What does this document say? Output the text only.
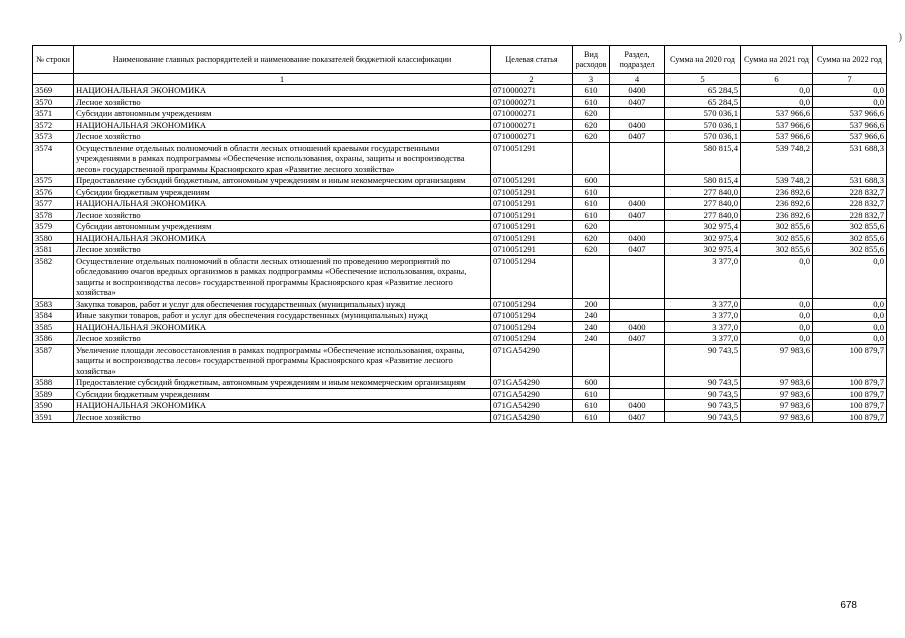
№ строки	Наименование главных распорядителей и наименование показателей бюджетной классификации	Целевая статья	Вид расходов	Раздел, подраздел	Сумма на 2020 год	Сумма на 2021 год	Сумма на 2022 год
	1	2	3	4	5	6	7
3569	НАЦИОНАЛЬНАЯ ЭКОНОМИКА	0710000271	610	0400	65 284,5	0,0	0,0
3570	Лесное хозяйство	0710000271	610	0407	65 284,5	0,0	0,0
3571	Субсидии автономным учреждениям	0710000271	620		570 036,1	537 966,6	537 966,6
3572	НАЦИОНАЛЬНАЯ ЭКОНОМИКА	0710000271	620	0400	570 036,1	537 966,6	537 966,6
3573	Лесное хозяйство	0710000271	620	0407	570 036,1	537 966,6	537 966,6
3574	Осуществление отдельных полномочий в области лесных отношений краевыми государственными учреждениями в рамках подпрограммы «Обеспечение использования, охраны, защиты и воспроизводства лесов» государственной программы Красноярского края «Развитие лесного хозяйства»	0710051291			580 815,4	539 748,2	531 688,3
3575	Предоставление субсидий бюджетным, автономным учреждениям и иным некоммерческим организациям	0710051291	600		580 815,4	539 748,2	531 688,3
3576	Субсидии бюджетным учреждениям	0710051291	610		277 840,0	236 892,6	228 832,7
3577	НАЦИОНАЛЬНАЯ ЭКОНОМИКА	0710051291	610	0400	277 840,0	236 892,6	228 832,7
3578	Лесное хозяйство	0710051291	610	0407	277 840,0	236 892,6	228 832,7
3579	Субсидии автономным учреждениям	0710051291	620		302 975,4	302 855,6	302 855,6
3580	НАЦИОНАЛЬНАЯ ЭКОНОМИКА	0710051291	620	0400	302 975,4	302 855,6	302 855,6
3581	Лесное хозяйство	0710051291	620	0407	302 975,4	302 855,6	302 855,6
3582	Осуществление отдельных полномочий в области лесных отношений по проведению мероприятий по обследованию очагов вредных организмов в рамках подпрограммы «Обеспечение использования, охраны, защиты и воспроизводства лесов» государственной программы Красноярского края «Развитие лесного хозяйства»	0710051294			3 377,0	0,0	0,0
3583	Закупка товаров, работ и услуг для обеспечения государственных (муниципальных) нужд	0710051294	200		3 377,0	0,0	0,0
3584	Иные закупки товаров, работ и услуг для обеспечения государственных (муниципальных) нужд	0710051294	240		3 377,0	0,0	0,0
3585	НАЦИОНАЛЬНАЯ ЭКОНОМИКА	0710051294	240	0400	3 377,0	0,0	0,0
3586	Лесное хозяйство	0710051294	240	0407	3 377,0	0,0	0,0
3587	Увеличение площади лесовосстановления в рамках подпрограммы «Обеспечение использования, охраны, защиты и воспроизводства лесов» государственной программы Красноярского края «Развитие лесного хозяйства»	071GA54290			90 743,5	97 983,6	100 879,7
3588	Предоставление субсидий бюджетным, автономным учреждениям и иным некоммерческим организациям	071GA54290	600		90 743,5	97 983,6	100 879,7
3589	Субсидии бюджетным учреждениям	071GA54290	610		90 743,5	97 983,6	100 879,7
3590	НАЦИОНАЛЬНАЯ ЭКОНОМИКА	071GA54290	610	0400	90 743,5	97 983,6	100 879,7
3591	Лесное хозяйство	071GA54290	610	0407	90 743,5	97 983,6	100 879,7
)
678
